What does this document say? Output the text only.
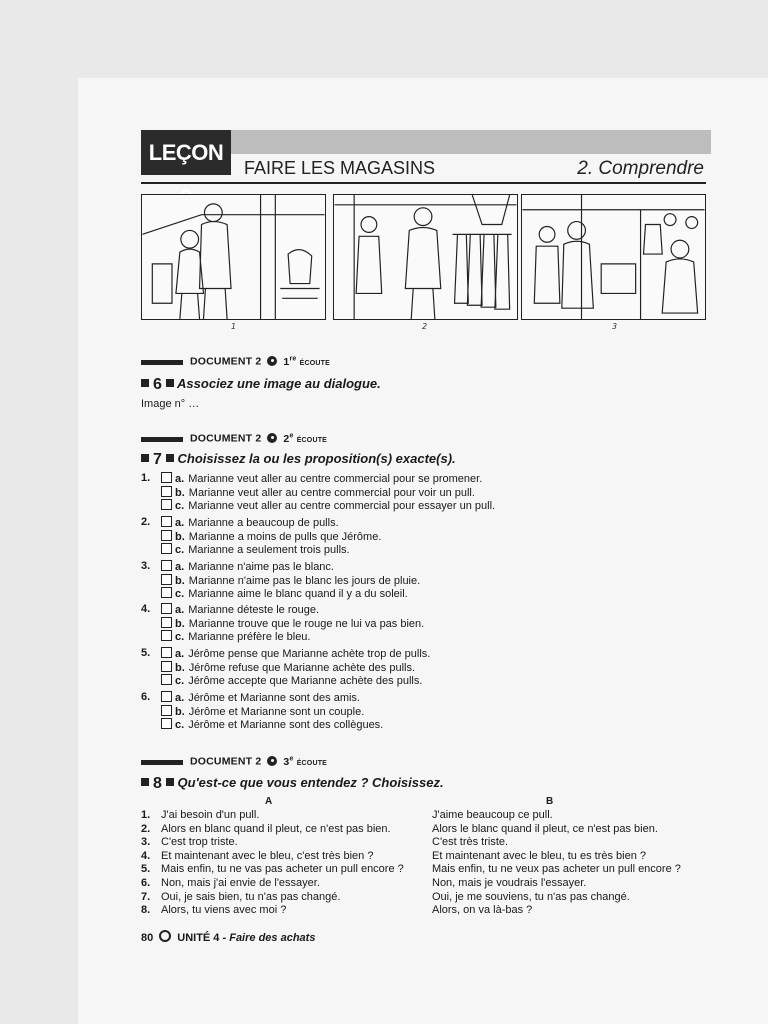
LEÇON
FAIRE LES MAGASINS	2. Comprendre
1	2	3
DOCUMENT 2 1re ÉCOUTE
6 Associez une image au dialogue.
Image n° …
DOCUMENT 2 2e ÉCOUTE
7 Choisissez la ou les proposition(s) exacte(s).
1.	a. Marianne veut aller au centre commercial pour se promener.
b. Marianne veut aller au centre commercial pour voir un pull.
c. Marianne veut aller au centre commercial pour essayer un pull.
2.	a. Marianne a beaucoup de pulls.
b. Marianne a moins de pulls que Jérôme.
c. Marianne a seulement trois pulls.
3.	a. Marianne n'aime pas le blanc.
b. Marianne n'aime pas le blanc les jours de pluie.
c. Marianne aime le blanc quand il y a du soleil.
4.	a. Marianne déteste le rouge.
b. Marianne trouve que le rouge ne lui va pas bien.
c. Marianne préfère le bleu.
5.	a. Jérôme pense que Marianne achète trop de pulls.
b. Jérôme refuse que Marianne achète des pulls.
c. Jérôme accepte que Marianne achète des pulls.
6.	a. Jérôme et Marianne sont des amis.
b. Jérôme et Marianne sont un couple.
c. Jérôme et Marianne sont des collègues.
DOCUMENT 2 3e ÉCOUTE
8 Qu'est-ce que vous entendez ? Choisissez.
A	B
1. J'ai besoin d'un pull.	J'aime beaucoup ce pull.
2. Alors en blanc quand il pleut, ce n'est pas bien.	Alors le blanc quand il pleut, ce n'est pas bien.
3. C'est trop triste.	C'est très triste.
4. Et maintenant avec le bleu, c'est très bien ?	Et maintenant avec le bleu, tu es très bien ?
5. Mais enfin, tu ne vas pas acheter un pull encore ?	Mais enfin, tu ne veux pas acheter un pull encore ?
6. Non, mais j'ai envie de l'essayer.	Non, mais je voudrais l'essayer.
7. Oui, je sais bien, tu n'as pas changé.	Oui, je me souviens, tu n'as pas changé.
8. Alors, tu viens avec moi ?	Alors, on va là-bas ?
80 UNITÉ 4 - Faire des achats
